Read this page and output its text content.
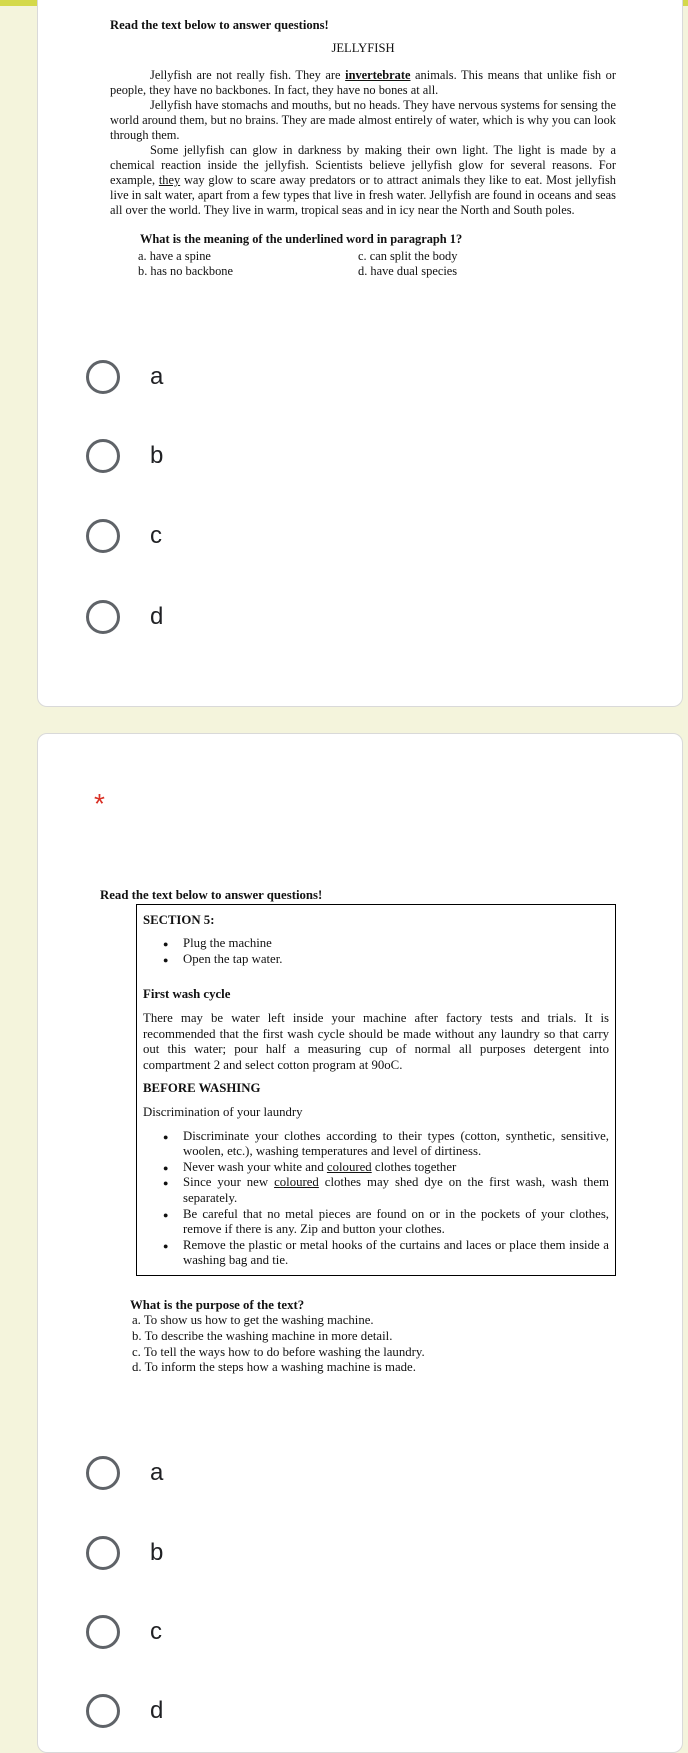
Read the text below to answer questions!
JELLYFISH

Jellyfish are not really fish. They are invertebrate animals. This means that unlike fish or people, they have no backbones. In fact, they have no bones at all.

Jellyfish have stomachs and mouths, but no heads. They have nervous systems for sensing the world around them, but no brains. They are made almost entirely of water, which is why you can look through them.

Some jellyfish can glow in darkness by making their own light. The light is made by a chemical reaction inside the jellyfish. Scientists believe jellyfish glow for several reasons. For example, they way glow to scare away predators or to attract animals they like to eat. Most jellyfish live in salt water, apart from a few types that live in fresh water. Jellyfish are found in oceans and seas all over the world. They live in warm, tropical seas and in icy near the North and South poles.

What is the meaning of the underlined word in paragraph 1?
a. have a spine	c. can split the body
b. has no backbone	d. have dual species
a
b
c
d
*
Read the text below to answer questions!
SECTION 5:
● Plug the machine
● Open the tap water.
First wash cycle

There may be water left inside your machine after factory tests and trials. It is recommended that the first wash cycle should be made without any laundry so that carry out this water; pour half a measuring cup of normal all purposes detergent into compartment 2 and select cotton program at 90oC.

BEFORE WASHING
Discrimination of your laundry
● Discriminate your clothes according to their types (cotton, synthetic, sensitive, woolen, etc.), washing temperatures and level of dirtiness.
● Never wash your white and coloured clothes together
● Since your new coloured clothes may shed dye on the first wash, wash them separately.
● Be careful that no metal pieces are found on or in the pockets of your clothes, remove if there is any. Zip and button your clothes.
● Remove the plastic or metal hooks of the curtains and laces or place them inside a washing bag and tie.
What is the purpose of the text?
a. To show us how to get the washing machine.
b. To describe the washing machine in more detail.
c. To tell the ways how to do before washing the laundry.
d. To inform the steps how a washing machine is made.
a
b
c
d
